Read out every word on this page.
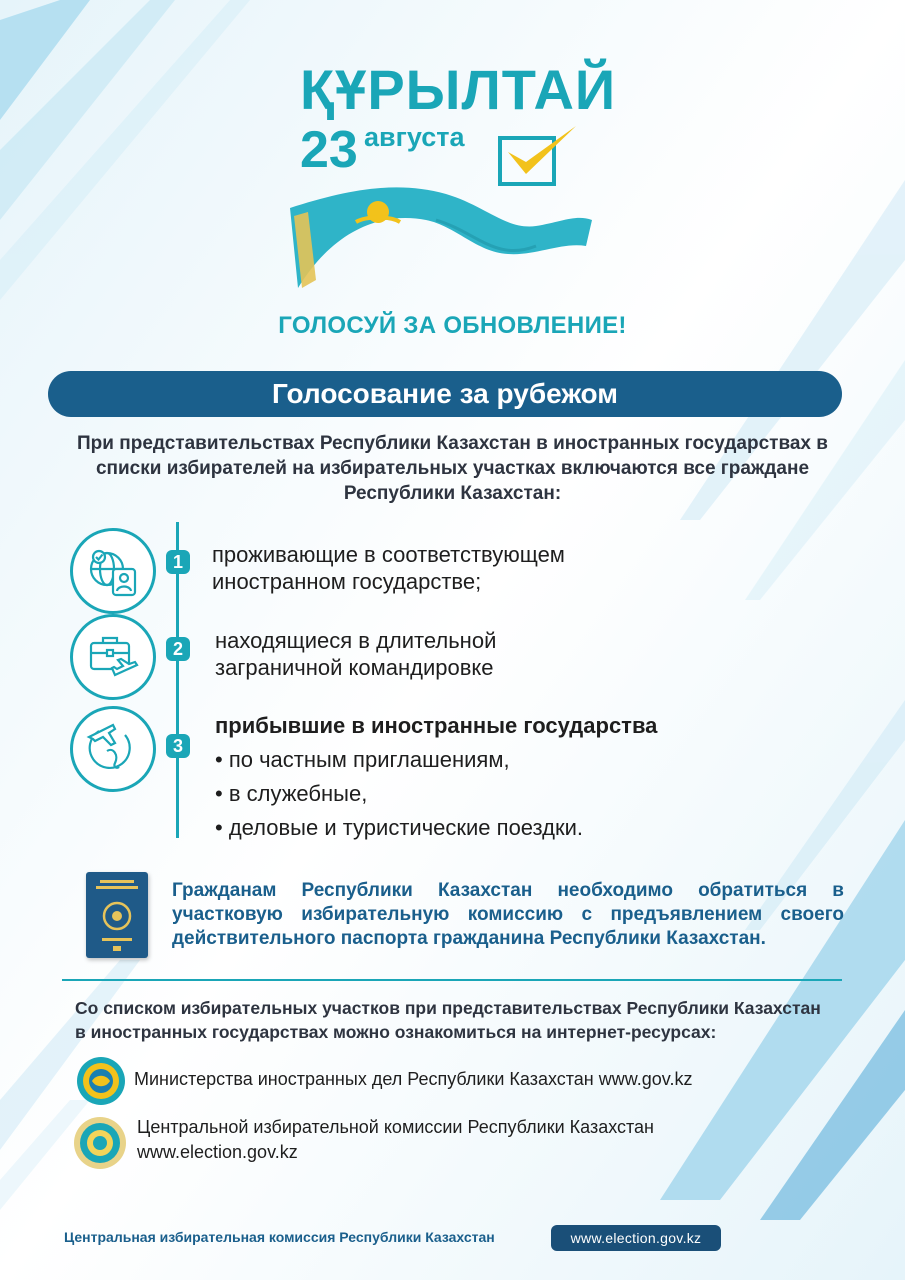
ҚҰРЫЛТАЙ
23 августа
ГОЛОСУЙ ЗА ОБНОВЛЕНИЕ!
Голосование за рубежом
При представительствах Республики Казахстан в иностранных государствах в списки избирателей на избирательных участках включаются все граждане Республики Казахстан:
1	проживающие в соответствующем
иностранном государстве;
2	находящиеся в длительной
заграничной командировке
3
прибывшие в иностранные государства
• по частным приглашениям,
• в служебные,
• деловые и туристические поездки.
Гражданам Республики Казахстан необходимо обратиться в
участковую избирательную комиссию с предъявлением своего
действительного паспорта гражданина Республики Казахстан.
Со списком избирательных участков при представительствах Республики Казахстан
в иностранных государствах можно ознакомиться на интернет-ресурсах:
Министерства иностранных дел Республики Казахстан www.gov.kz
Центральной избирательной комиссии Республики Казахстан
www.election.gov.kz
Центральная избирательная комиссия Республики Казахстан	www.election.gov.kz
